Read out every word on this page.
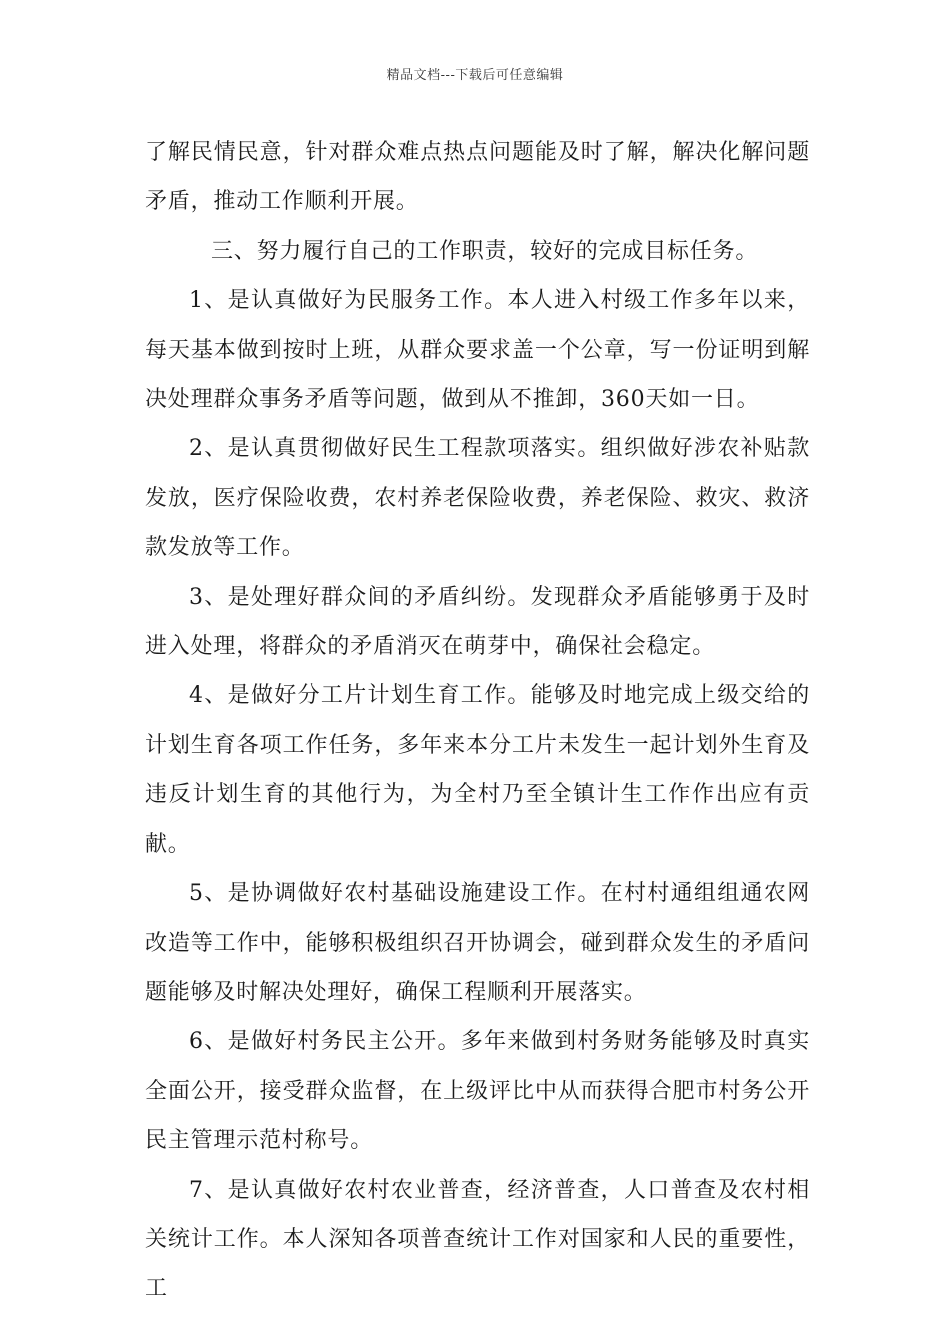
精品文档---下载后可任意编辑

了解民情民意，针对群众难点热点问题能及时了解，解决化解问题矛盾，推动工作顺利开展。

三、努力履行自己的工作职责，较好的完成目标任务。

1、是认真做好为民服务工作。本人进入村级工作多年以来，每天基本做到按时上班，从群众要求盖一个公章，写一份证明到解决处理群众事务矛盾等问题，做到从不推卸，360天如一日。

2、是认真贯彻做好民生工程款项落实。组织做好涉农补贴款发放，医疗保险收费，农村养老保险收费，养老保险、救灾、救济款发放等工作。

3、是处理好群众间的矛盾纠纷。发现群众矛盾能够勇于及时进入处理，将群众的矛盾消灭在萌芽中，确保社会稳定。

4、是做好分工片计划生育工作。能够及时地完成上级交给的计划生育各项工作任务，多年来本分工片未发生一起计划外生育及违反计划生育的其他行为，为全村乃至全镇计生工作作出应有贡献。

5、是协调做好农村基础设施建设工作。在村村通组组通农网改造等工作中，能够积极组织召开协调会，碰到群众发生的矛盾问题能够及时解决处理好，确保工程顺利开展落实。

6、是做好村务民主公开。多年来做到村务财务能够及时真实全面公开，接受群众监督，在上级评比中从而获得合肥市村务公开民主管理示范村称号。

7、是认真做好农村农业普查，经济普查，人口普查及农村相关统计工作。本人深知各项普查统计工作对国家和人民的重要性，工
